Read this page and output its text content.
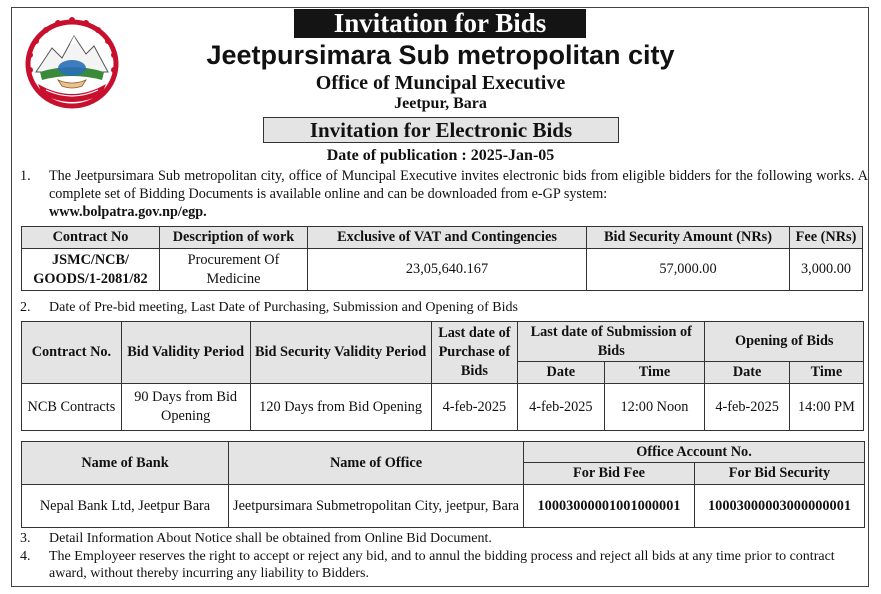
Invitation for Bids
Jeetpursimara Sub metropolitan city
Office of Muncipal Executive
Jeetpur, Bara
Invitation for Electronic Bids
Date of publication : 2025-Jan-05
1. The Jeetpursimara Sub metropolitan city, office of Muncipal Executive invites electronic bids from eligible bidders for the following works. A complete set of Bidding Documents is available online and can be downloaded from e-GP system:
www.bolpatra.gov.np/egp.
Contract No	Description of work	Exclusive of VAT and Contingencies	Bid Security Amount (NRs)	Fee (NRs)
JSMC/NCB/ GOODS/1-2081/82	Procurement Of Medicine	23,05,640.167	57,000.00	3,000.00
2. Date of Pre-bid meeting, Last Date of Purchasing, Submission and Opening of Bids
Contract No.	Bid Validity Period	Bid Security Validity Period	Last date of Purchase of Bids	Last date of Submission of Bids		Opening of Bids	
				Date	Time	Date	Time
NCB Contracts	90 Days from Bid Opening	120 Days from Bid Opening	4-feb-2025	4-feb-2025	12:00 Noon	4-feb-2025	14:00 PM
Name of Bank	Name of Office	Office Account No.	
		For Bid Fee	For Bid Security
Nepal Bank Ltd, Jeetpur Bara	Jeetpursimara Submetropolitan City, jeetpur, Bara	10003000001001000001	10003000003000000001
3. Detail Information About Notice shall be obtained from Online Bid Document.
4. The Employeer reserves the right to accept or reject any bid, and to annul the bidding process and reject all bids at any time prior to contract award, without thereby incurring any liability to Bidders.
